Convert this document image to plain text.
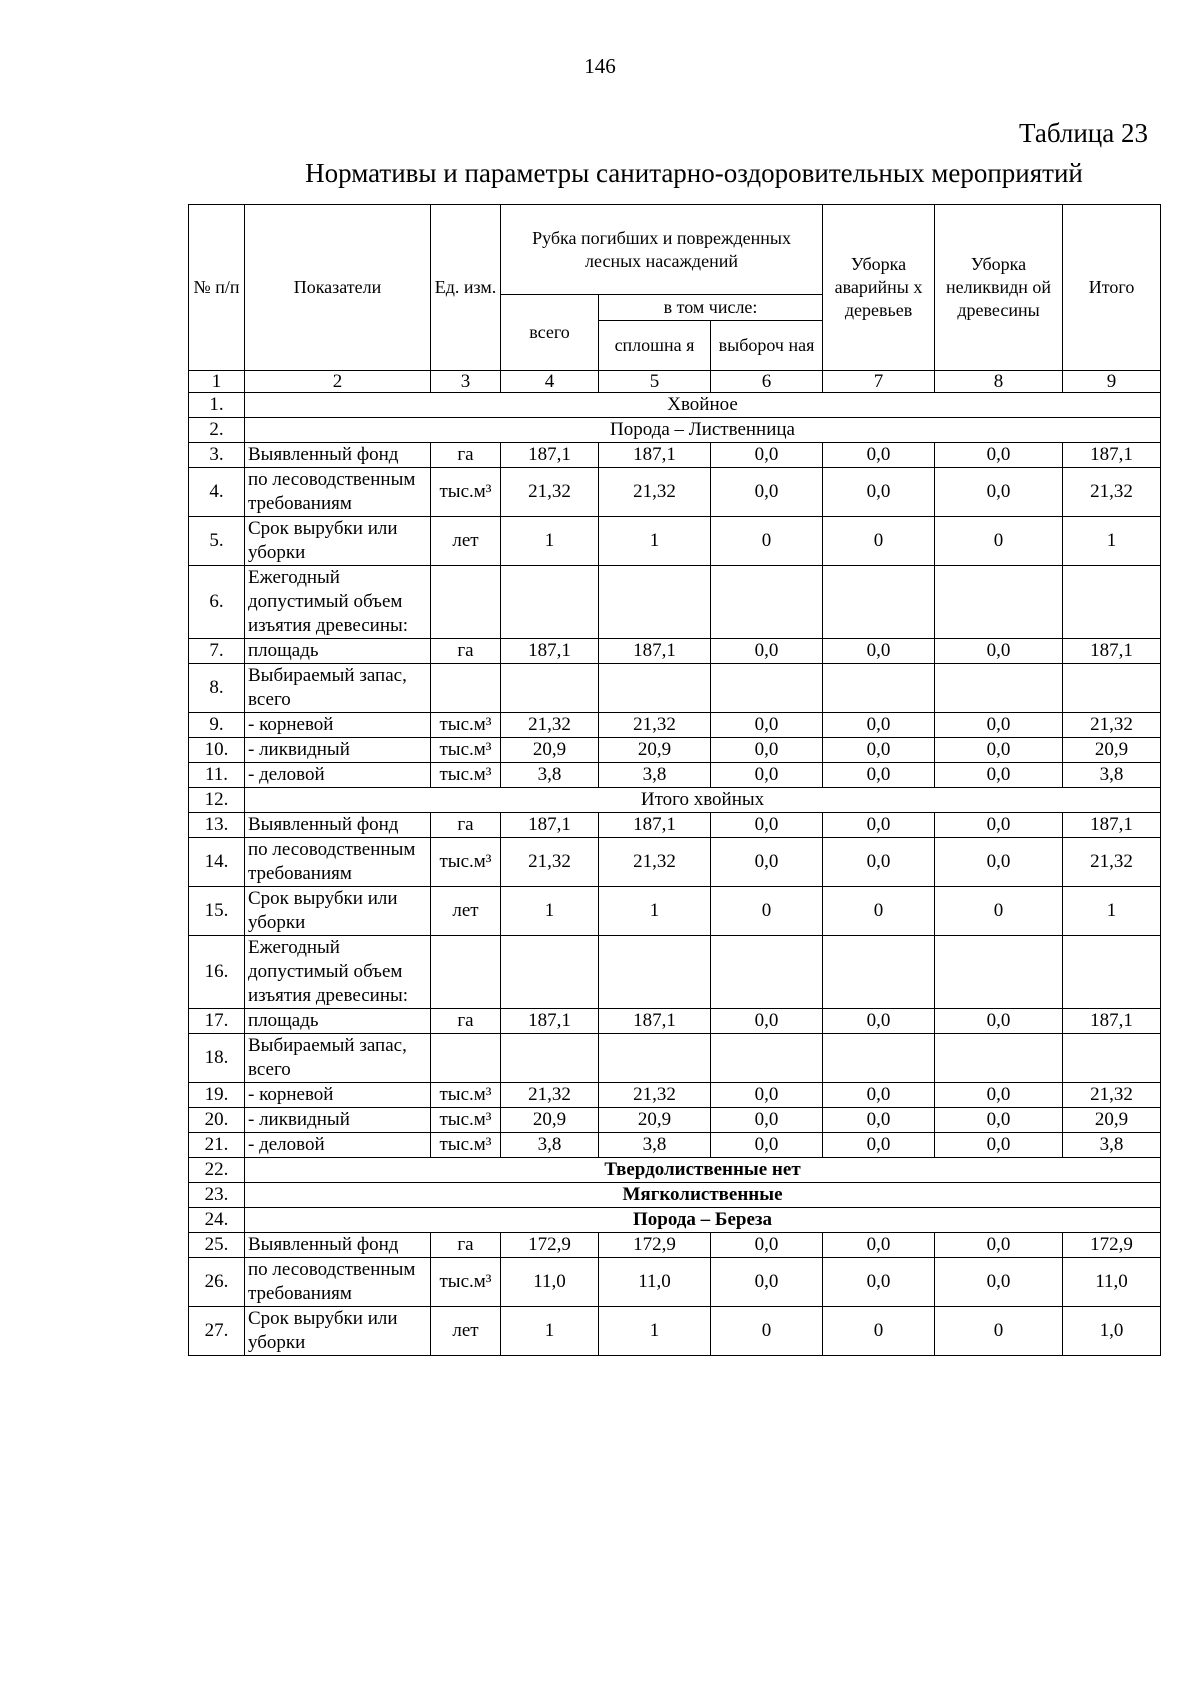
146
Таблица 23
Нормативы и параметры санитарно-оздоровительных мероприятий
№ п/п	Показатели	Ед. изм.	Рубка погибших и поврежденных лесных насаждений			Уборка аварийны х деревьев	Уборка неликвидн ой древесины	Итого
			всего	в том числе:				
				сплошна я	выбороч ная			
1	2	3	4	5	6	7	8	9
1.	Хвойное							
2.	Порода – Лиственница							
3.	Выявленный фонд	га	187,1	187,1	0,0	0,0	0,0	187,1
4.	по лесоводственным требованиям	тыс.м³	21,32	21,32	0,0	0,0	0,0	21,32
5.	Срок вырубки или уборки	лет	1	1	0	0	0	1
6.	Ежегодный допустимый объем изъятия древесины:							
7.	площадь	га	187,1	187,1	0,0	0,0	0,0	187,1
8.	Выбираемый запас, всего							
9.	- корневой	тыс.м³	21,32	21,32	0,0	0,0	0,0	21,32
10.	- ликвидный	тыс.м³	20,9	20,9	0,0	0,0	0,0	20,9
11.	- деловой	тыс.м³	3,8	3,8	0,0	0,0	0,0	3,8
12.	Итого хвойных							
13.	Выявленный фонд	га	187,1	187,1	0,0	0,0	0,0	187,1
14.	по лесоводственным требованиям	тыс.м³	21,32	21,32	0,0	0,0	0,0	21,32
15.	Срок вырубки или уборки	лет	1	1	0	0	0	1
16.	Ежегодный допустимый объем изъятия древесины:							
17.	площадь	га	187,1	187,1	0,0	0,0	0,0	187,1
18.	Выбираемый запас, всего							
19.	- корневой	тыс.м³	21,32	21,32	0,0	0,0	0,0	21,32
20.	- ликвидный	тыс.м³	20,9	20,9	0,0	0,0	0,0	20,9
21.	- деловой	тыс.м³	3,8	3,8	0,0	0,0	0,0	3,8
22.	Твердолиственные нет							
23.	Мягколиственные							
24.	Порода – Береза							
25.	Выявленный фонд	га	172,9	172,9	0,0	0,0	0,0	172,9
26.	по лесоводственным требованиям	тыс.м³	11,0	11,0	0,0	0,0	0,0	11,0
27.	Срок вырубки или уборки	лет	1	1	0	0	0	1,0
